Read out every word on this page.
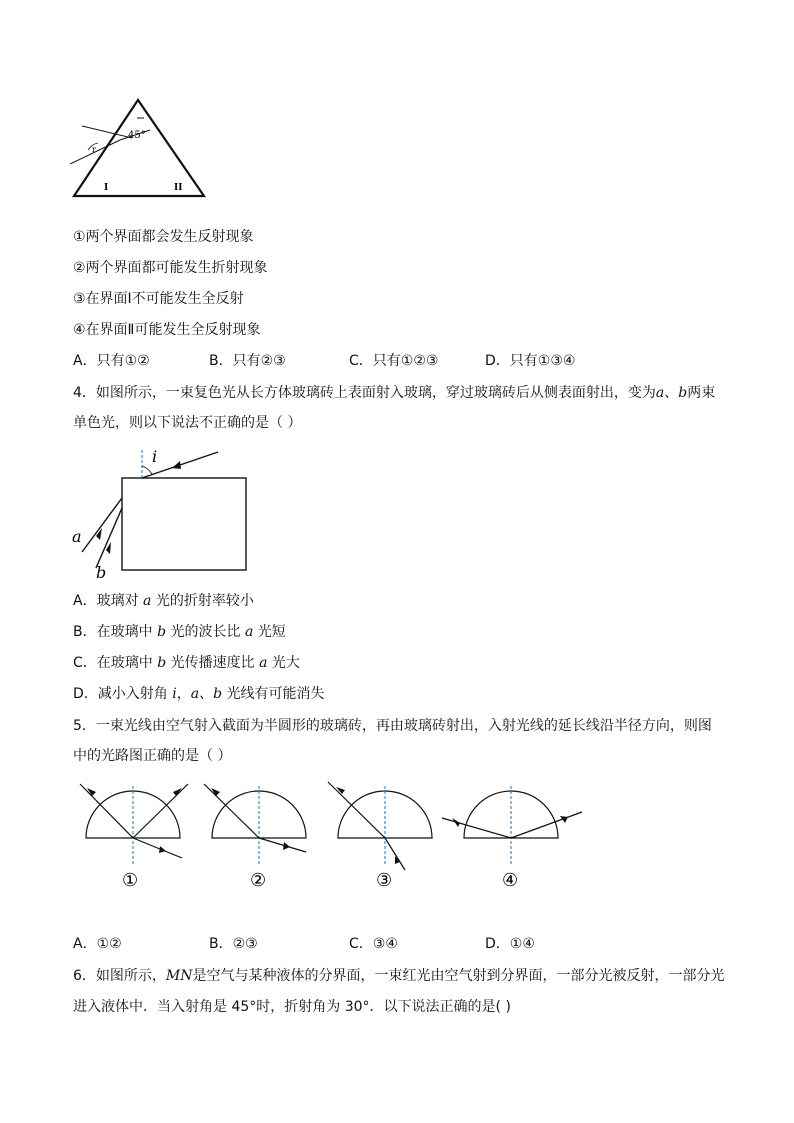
r
45°
I	II
①两个界面都会发生反射现象
②两个界面都可能发生折射现象
③在界面Ⅰ不可能发生全反射
④在界面Ⅱ可能发生全反射现象
A．只有①②	B．只有②③	C．只有①②③	D．只有①③④
4．如图所示，一束复色光从长方体玻璃砖上表面射入玻璃，穿过玻璃砖后从侧表面射出，变为a、b两束
单色光，则以下说法不正确的是（ ）
i
a
b
A．玻璃对 a 光的折射率较小
B．在玻璃中 b 光的波长比 a 光短
C．在玻璃中 b 光传播速度比 a 光大
D．减小入射角 i，a、b 光线有可能消失
5．一束光线由空气射入截面为半圆形的玻璃砖，再由玻璃砖射出，入射光线的延长线沿半径方向，则图
中的光路图正确的是（ ）
①	②	③	④
A．①②	B．②③	C．③④	D．①④
6．如图所示，MN是空气与某种液体的分界面，一束红光由空气射到分界面，一部分光被反射，一部分光
进入液体中．当入射角是 45°时，折射角为 30°．以下说法正确的是( )
